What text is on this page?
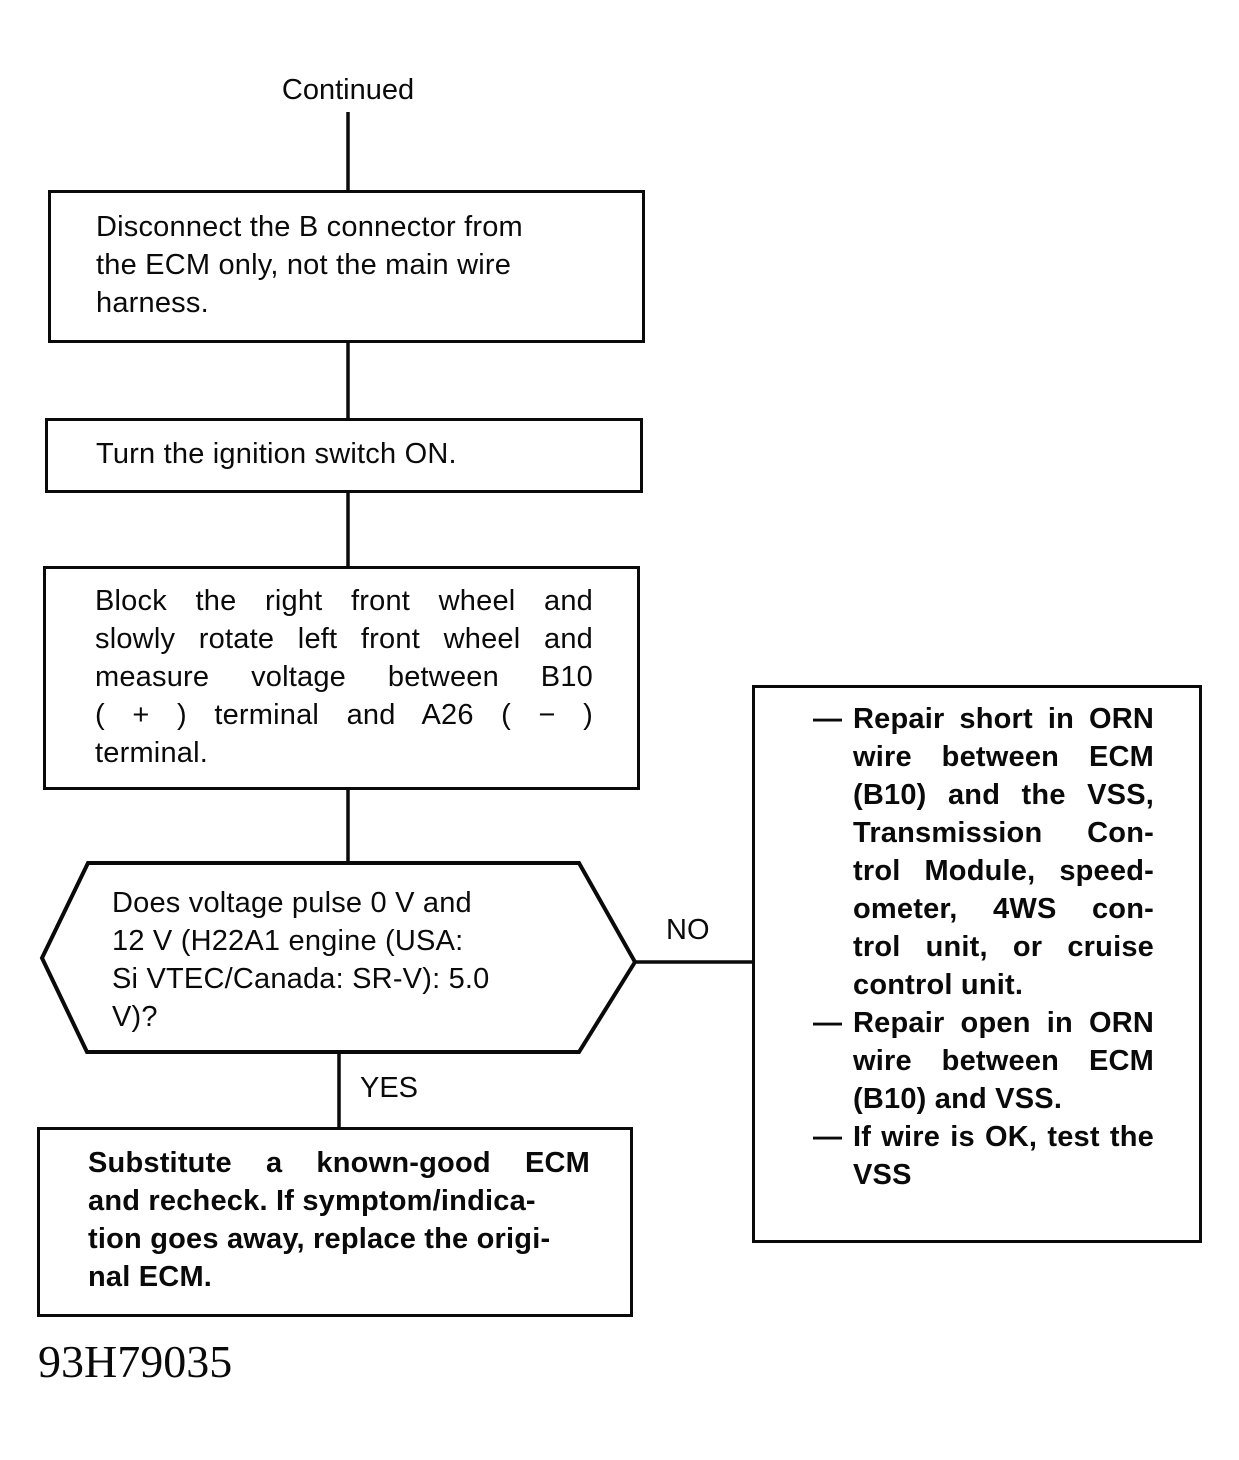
Continued
Disconnect the B connector from
the ECM only, not the main wire
harness.
Turn the ignition switch ON.
Block the right front wheel and
slowly rotate left front wheel and
measure voltage between B10
( + ) terminal and A26 ( − )
terminal.
Does voltage pulse 0 V and
12 V (H22A1 engine (USA:
Si VTEC/Canada: SR-V): 5.0
V)?
NO
YES
Substitute a known-good ECM
and recheck. If symptom/indica-
tion goes away, replace the origi-
nal ECM.
— Repair short in ORN
wire between ECM
(B10) and the VSS,
Transmission Con-
trol Module, speed-
ometer, 4WS con-
trol unit, or cruise
control unit.
— Repair open in ORN
wire between ECM
(B10) and VSS.
— If wire is OK, test the
VSS
93H79035
